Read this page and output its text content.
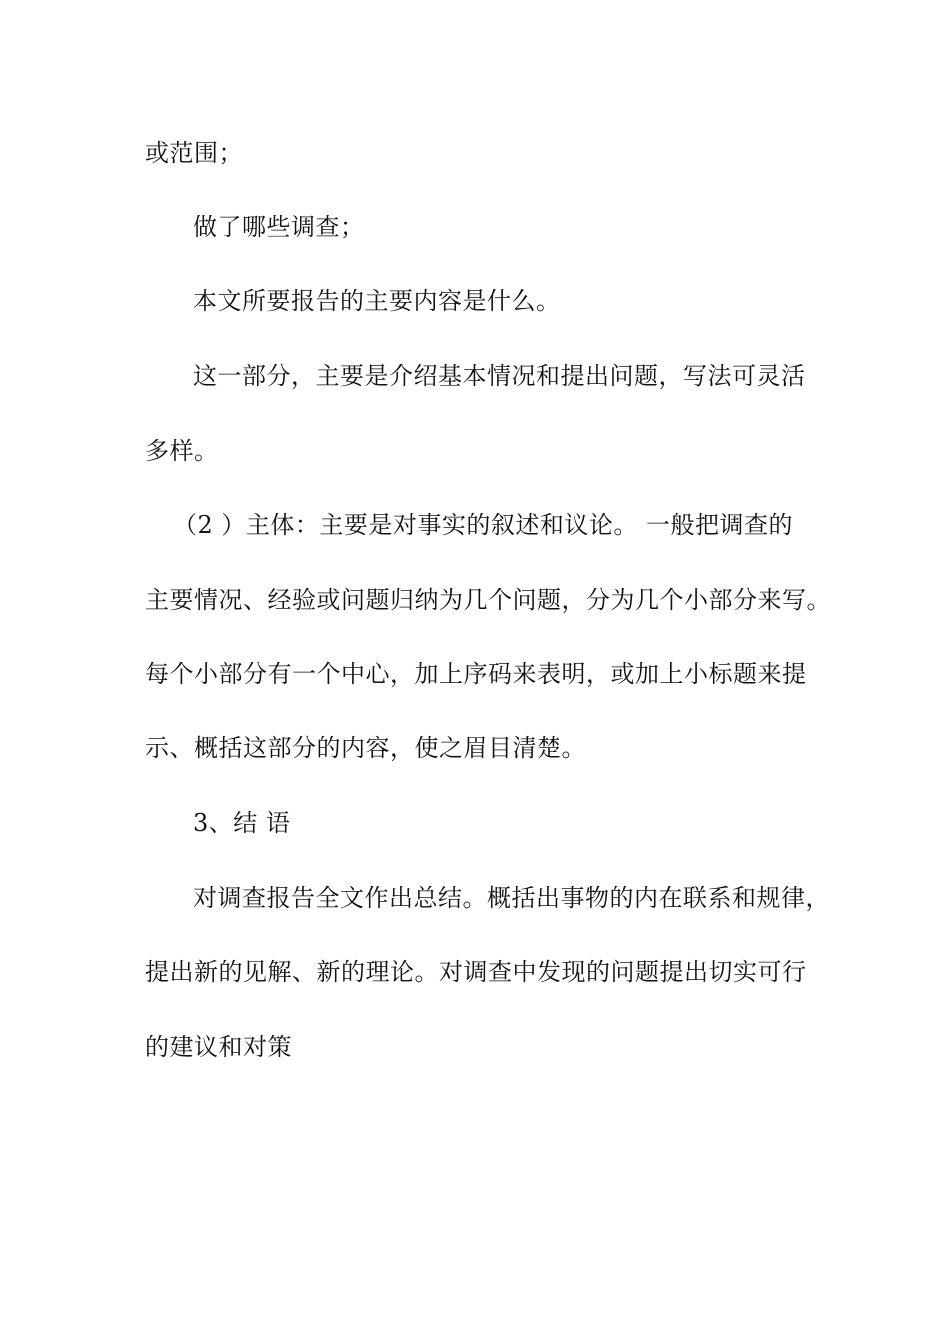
或范围；
做了哪些调查；
本文所要报告的主要内容是什么。
这一部分，主要是介绍基本情况和提出问题，写法可灵活
多样。
（2 ）主体：主要是对事实的叙述和议论。 一般把调查的
主要情况、经验或问题归纳为几个问题，分为几个小部分来写。
每个小部分有一个中心，加上序码来表明，或加上小标题来提
示、概括这部分的内容，使之眉目清楚。
3、结 语
对调查报告全文作出总结。概括出事物的内在联系和规律，
提出新的见解、新的理论。对调查中发现的问题提出切实可行
的建议和对策
